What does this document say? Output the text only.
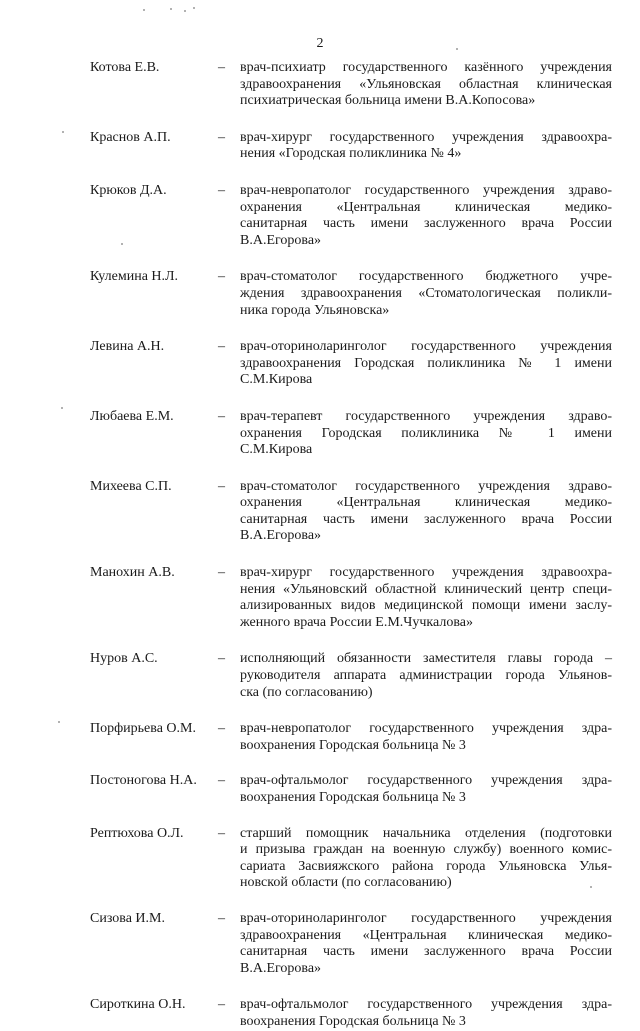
2
Котова Е.В.	–	врач-психиатр государственного казённого учреждения
здравоохранения «Ульяновская областная клиническая
психиатрическая больница имени В.А.Копосова»
Краснов А.П.	–	врач-хирург государственного учреждения здравоохра-
нения «Городская поликлиника № 4»
Крюков Д.А.	–	врач-невропатолог государственного учреждения здраво-
охранения «Центральная клиническая медико-
санитарная часть имени заслуженного врача России
В.А.Егорова»
Кулемина Н.Л.	–	врач-стоматолог государственного бюджетного учре-
ждения здравоохранения «Стоматологическая поликли-
ника города Ульяновска»
Левина А.Н.	–	врач-оториноларинголог государственного учреждения
здравоохранения Городская поликлиника № 1 имени
С.М.Кирова
Любаева Е.М.	–	врач-терапевт государственного учреждения здраво-
охранения Городская поликлиника № 1 имени
С.М.Кирова
Михеева С.П.	–	врач-стоматолог государственного учреждения здраво-
охранения «Центральная клиническая медико-
санитарная часть имени заслуженного врача России
В.А.Егорова»
Манохин А.В.	–	врач-хирург государственного учреждения здравоохра-
нения «Ульяновский областной клинический центр специ-
ализированных видов медицинской помощи имени заслу-
женного врача России Е.М.Чучкалова»
Нуров А.С.	–	исполняющий обязанности заместителя главы города –
руководителя аппарата администрации города Ульянов-
ска (по согласованию)
Порфирьева О.М.	–	врач-невропатолог государственного учреждения здра-
воохранения Городская больница № 3
Постоногова Н.А.	–	врач-офтальмолог государственного учреждения здра-
воохранения Городская больница № 3
Рептюхова О.Л.	–	старший помощник начальника отделения (подготовки
и призыва граждан на военную службу) военного комис-
сариата Засвияжского района города Ульяновска Улья-
новской области (по согласованию)
Сизова И.М.	–	врач-оториноларинголог государственного учреждения
здравоохранения «Центральная клиническая медико-
санитарная часть имени заслуженного врача России
В.А.Егорова»
Сироткина О.Н.	–	врач-офтальмолог государственного учреждения здра-
воохранения Городская больница № 3
